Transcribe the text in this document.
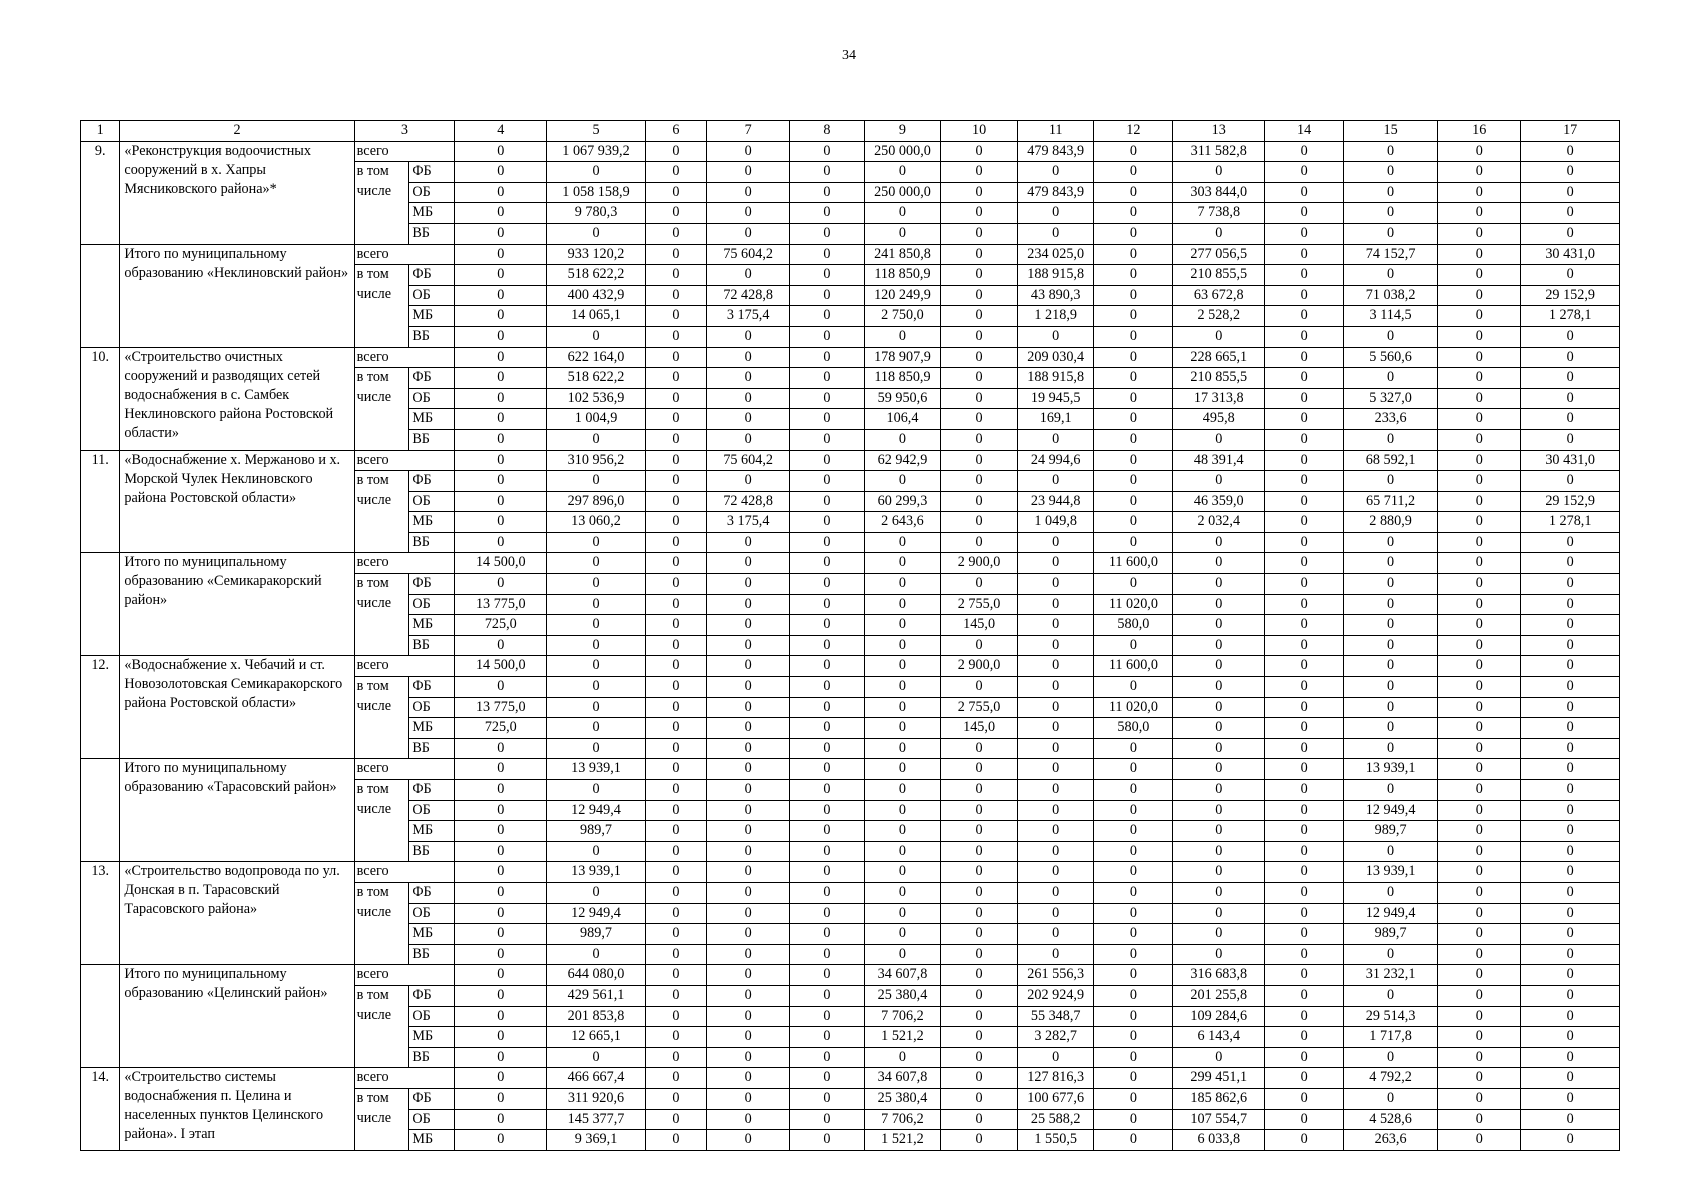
34
1	2	3		4	5	6	7	8	9	10	11	12	13	14	15	16	17
9.	«Реконструкция водоочистных сооружений в х. Хапры Мясниковского района»*	всего		0	1 067 939,2	0	0	0	250 000,0	0	479 843,9	0	311 582,8	0	0	0	0
		в том	ФБ	0	0	0	0	0	0	0	0	0	0	0	0	0	0
		числе	ОБ	0	1 058 158,9	0	0	0	250 000,0	0	479 843,9	0	303 844,0	0	0	0	0
			МБ	0	9 780,3	0	0	0	0	0	0	0	7 738,8	0	0	0	0
			ВБ	0	0	0	0	0	0	0	0	0	0	0	0	0	0
	Итого по муниципальному образованию «Неклиновский район»	всего		0	933 120,2	0	75 604,2	0	241 850,8	0	234 025,0	0	277 056,5	0	74 152,7	0	30 431,0
		в том	ФБ	0	518 622,2	0	0	0	118 850,9	0	188 915,8	0	210 855,5	0	0	0	0
		числе	ОБ	0	400 432,9	0	72 428,8	0	120 249,9	0	43 890,3	0	63 672,8	0	71 038,2	0	29 152,9
			МБ	0	14 065,1	0	3 175,4	0	2 750,0	0	1 218,9	0	2 528,2	0	3 114,5	0	1 278,1
			ВБ	0	0	0	0	0	0	0	0	0	0	0	0	0	0
10.	«Строительство очистных сооружений и разводящих сетей водоснабжения в с. Самбек Неклиновского района Ростовской области»	всего		0	622 164,0	0	0	0	178 907,9	0	209 030,4	0	228 665,1	0	5 560,6	0	0
		в том	ФБ	0	518 622,2	0	0	0	118 850,9	0	188 915,8	0	210 855,5	0	0	0	0
		числе	ОБ	0	102 536,9	0	0	0	59 950,6	0	19 945,5	0	17 313,8	0	5 327,0	0	0
			МБ	0	1 004,9	0	0	0	106,4	0	169,1	0	495,8	0	233,6	0	0
			ВБ	0	0	0	0	0	0	0	0	0	0	0	0	0	0
11.	«Водоснабжение х. Мержаново и х. Морской Чулек Неклиновского района Ростовской области»	всего		0	310 956,2	0	75 604,2	0	62 942,9	0	24 994,6	0	48 391,4	0	68 592,1	0	30 431,0
		в том	ФБ	0	0	0	0	0	0	0	0	0	0	0	0	0	0
		числе	ОБ	0	297 896,0	0	72 428,8	0	60 299,3	0	23 944,8	0	46 359,0	0	65 711,2	0	29 152,9
			МБ	0	13 060,2	0	3 175,4	0	2 643,6	0	1 049,8	0	2 032,4	0	2 880,9	0	1 278,1
			ВБ	0	0	0	0	0	0	0	0	0	0	0	0	0	0
	Итого по муниципальному образованию «Семикаракорский район»	всего		14 500,0	0	0	0	0	0	2 900,0	0	11 600,0	0	0	0	0	0
		в том	ФБ	0	0	0	0	0	0	0	0	0	0	0	0	0	0
		числе	ОБ	13 775,0	0	0	0	0	0	2 755,0	0	11 020,0	0	0	0	0	0
			МБ	725,0	0	0	0	0	0	145,0	0	580,0	0	0	0	0	0
			ВБ	0	0	0	0	0	0	0	0	0	0	0	0	0	0
12.	«Водоснабжение х. Чебачий и ст. Новозолотовская Семикаракорского района Ростовской области»	всего		14 500,0	0	0	0	0	0	2 900,0	0	11 600,0	0	0	0	0	0
		в том	ФБ	0	0	0	0	0	0	0	0	0	0	0	0	0	0
		числе	ОБ	13 775,0	0	0	0	0	0	2 755,0	0	11 020,0	0	0	0	0	0
			МБ	725,0	0	0	0	0	0	145,0	0	580,0	0	0	0	0	0
			ВБ	0	0	0	0	0	0	0	0	0	0	0	0	0	0
	Итого по муниципальному образованию «Тарасовский район»	всего		0	13 939,1	0	0	0	0	0	0	0	0	0	13 939,1	0	0
		в том	ФБ	0	0	0	0	0	0	0	0	0	0	0	0	0	0
		числе	ОБ	0	12 949,4	0	0	0	0	0	0	0	0	0	12 949,4	0	0
			МБ	0	989,7	0	0	0	0	0	0	0	0	0	989,7	0	0
			ВБ	0	0	0	0	0	0	0	0	0	0	0	0	0	0
13.	«Строительство водопровода по ул. Донская в п. Тарасовский Тарасовского района»	всего		0	13 939,1	0	0	0	0	0	0	0	0	0	13 939,1	0	0
		в том	ФБ	0	0	0	0	0	0	0	0	0	0	0	0	0	0
		числе	ОБ	0	12 949,4	0	0	0	0	0	0	0	0	0	12 949,4	0	0
			МБ	0	989,7	0	0	0	0	0	0	0	0	0	989,7	0	0
			ВБ	0	0	0	0	0	0	0	0	0	0	0	0	0	0
	Итого по муниципальному образованию «Целинский район»	всего		0	644 080,0	0	0	0	34 607,8	0	261 556,3	0	316 683,8	0	31 232,1	0	0
		в том	ФБ	0	429 561,1	0	0	0	25 380,4	0	202 924,9	0	201 255,8	0	0	0	0
		числе	ОБ	0	201 853,8	0	0	0	7 706,2	0	55 348,7	0	109 284,6	0	29 514,3	0	0
			МБ	0	12 665,1	0	0	0	1 521,2	0	3 282,7	0	6 143,4	0	1 717,8	0	0
			ВБ	0	0	0	0	0	0	0	0	0	0	0	0	0	0
14.	«Строительство системы водоснабжения п. Целина и населенных пунктов Целинского района». I этап	всего		0	466 667,4	0	0	0	34 607,8	0	127 816,3	0	299 451,1	0	4 792,2	0	0
		в том	ФБ	0	311 920,6	0	0	0	25 380,4	0	100 677,6	0	185 862,6	0	0	0	0
		числе	ОБ	0	145 377,7	0	0	0	7 706,2	0	25 588,2	0	107 554,7	0	4 528,6	0	0
			МБ	0	9 369,1	0	0	0	1 521,2	0	1 550,5	0	6 033,8	0	263,6	0	0
